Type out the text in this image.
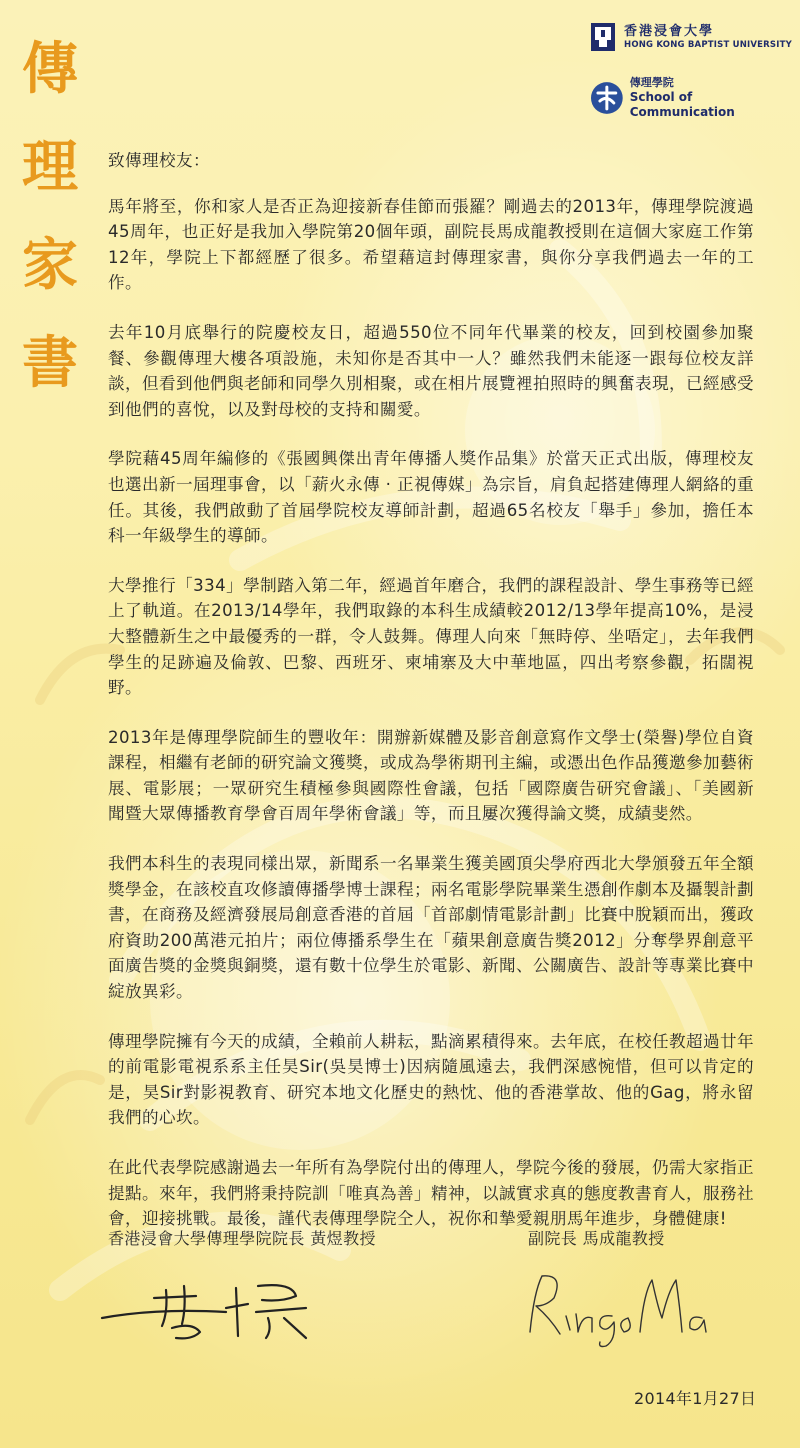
傳
理
家
書
香港浸會大學
HONG KONG BAPTIST UNIVERSITY
傳理學院
School of Communication

致傳理校友：

馬年將至，你和家人是否正為迎接新春佳節而張羅？剛過去的2013年，傳理學院渡過45周年，也正好是我加入學院第20個年頭，副院長馬成龍教授則在這個大家庭工作第12年，學院上下都經歷了很多。希望藉這封傳理家書，與你分享我們過去一年的工作。

去年10月底舉行的院慶校友日，超過550位不同年代畢業的校友，回到校園參加聚餐、參觀傳理大樓各項設施，未知你是否其中一人？雖然我們未能逐一跟每位校友詳談，但看到他們與老師和同學久別相聚，或在相片展覽裡拍照時的興奮表現，已經感受到他們的喜悅，以及對母校的支持和關愛。

學院藉45周年編修的《張國興傑出青年傳播人獎作品集》於當天正式出版，傳理校友也選出新一屆理事會，以「薪火永傳 · 正視傳媒」為宗旨，肩負起搭建傳理人網絡的重任。其後，我們啟動了首屆學院校友導師計劃，超過65名校友「舉手」參加，擔任本科一年級學生的導師。

大學推行「334」學制踏入第二年，經過首年磨合，我們的課程設計、學生事務等已經上了軌道。在2013/14學年，我們取錄的本科生成績較2012/13學年提高10%，是浸大整體新生之中最優秀的一群，令人鼓舞。傳理人向來「無時停、坐唔定」，去年我們學生的足跡遍及倫敦、巴黎、西班牙、柬埔寨及大中華地區，四出考察參觀，拓闊視野。

2013年是傳理學院師生的豐收年：開辦新媒體及影音創意寫作文學士(榮譽)學位自資課程，相繼有老師的研究論文獲獎，或成為學術期刊主編，或憑出色作品獲邀參加藝術展、電影展；一眾研究生積極參與國際性會議，包括「國際廣告研究會議」、「美國新聞暨大眾傳播教育學會百周年學術會議」等，而且屢次獲得論文獎，成績斐然。

我們本科生的表現同樣出眾，新聞系一名畢業生獲美國頂尖學府西北大學頒發五年全額獎學金，在該校直攻修讀傳播學博士課程；兩名電影學院畢業生憑創作劇本及攝製計劃書，在商務及經濟發展局創意香港的首屆「首部劇情電影計劃」比賽中脫穎而出，獲政府資助200萬港元拍片；兩位傳播系學生在「蘋果創意廣告獎2012」分奪學界創意平面廣告獎的金獎與銅獎，還有數十位學生於電影、新聞、公關廣告、設計等專業比賽中綻放異彩。

傳理學院擁有今天的成績，全賴前人耕耘，點滴累積得來。去年底，在校任教超過廿年的前電影電視系系主任昊Sir(吳昊博士)因病隨風遠去，我們深感惋惜，但可以肯定的是，昊Sir對影視教育、研究本地文化歷史的熱忱、他的香港掌故、他的Gag，將永留我們的心坎。

在此代表學院感謝過去一年所有為學院付出的傳理人，學院今後的發展，仍需大家指正提點。來年，我們將秉持院訓「唯真為善」精神，以誠實求真的態度教書育人，服務社會，迎接挑戰。最後，謹代表傳理學院仝人，祝你和摯愛親朋馬年進步，身體健康!

香港浸會大學傳理學院院長 黃煜教授	副院長 馬成龍教授
2014年1月27日
